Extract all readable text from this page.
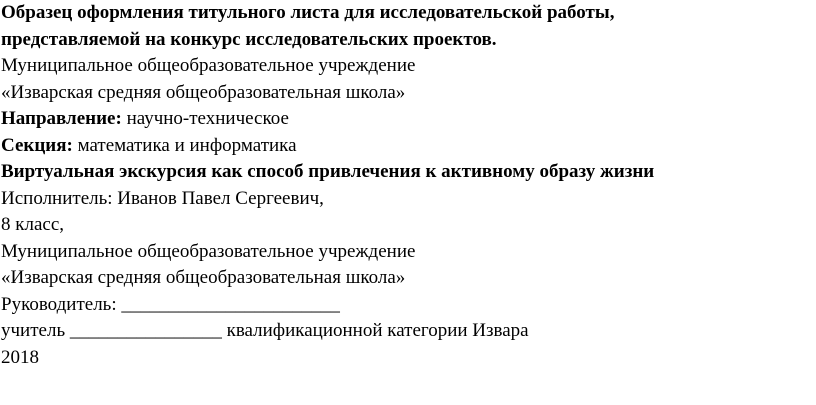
Образец оформления титульного листа для исследовательской работы,
представляемой на конкурс исследовательских проектов.
Муниципальное общеобразовательное учреждение
«Изварская средняя общеобразовательная школа»
Направление: научно-техническое
Секция: математика и информатика
Виртуальная экскурсия как способ привлечения к активному образу жизни
Исполнитель: Иванов Павел Сергеевич,
8 класс,
Муниципальное общеобразовательное учреждение
«Изварская средняя общеобразовательная школа»
Руководитель: _______________________
учитель ________________ квалификационной категории Извара
2018
